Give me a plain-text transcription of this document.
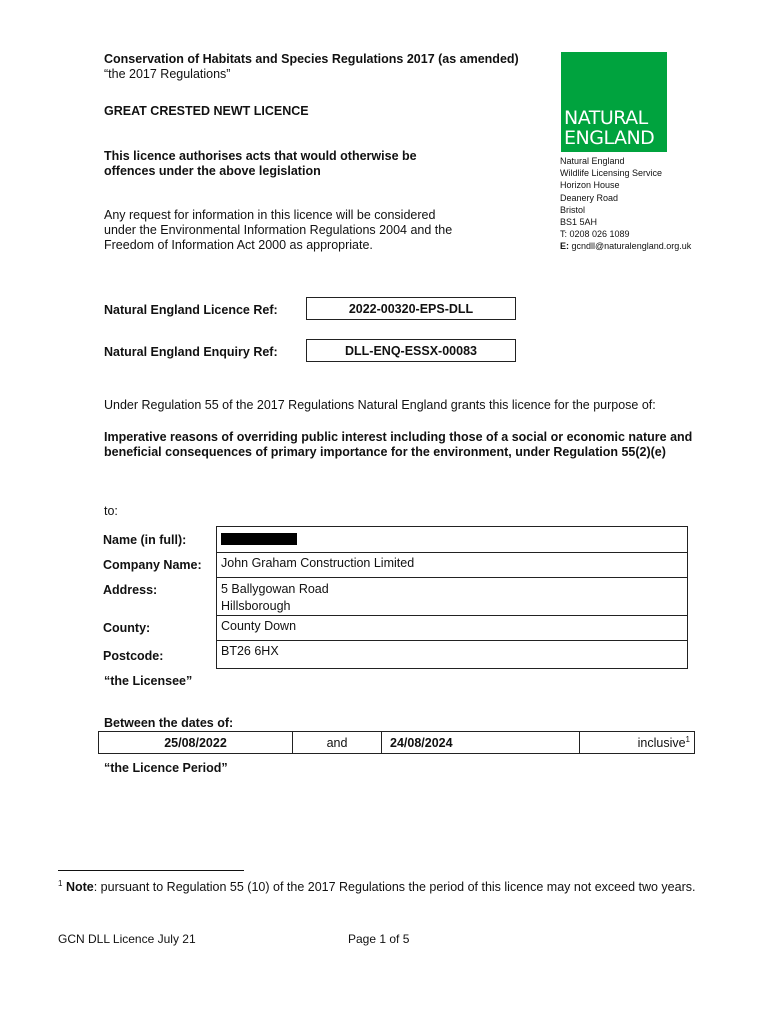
Conservation of Habitats and Species Regulations 2017 (as amended) “the 2017 Regulations”
GREAT CRESTED NEWT LICENCE
This licence authorises acts that would otherwise be offences under the above legislation
Any request for information in this licence will be considered under the Environmental Information Regulations 2004 and the Freedom of Information Act 2000 as appropriate.
NATURAL
ENGLAND
Natural England
Wildlife Licensing Service
Horizon House
Deanery Road
Bristol
BS1 5AH
T: 0208 026 1089
E: gcndll@naturalengland.org.uk
Natural England Licence Ref:	2022-00320-EPS-DLL
Natural England Enquiry Ref:	DLL-ENQ-ESSX-00083
Under Regulation 55 of the 2017 Regulations Natural England grants this licence for the purpose of:
Imperative reasons of overriding public interest including those of a social or economic nature and beneficial consequences of primary importance for the environment, under Regulation 55(2)(e)
to:
Name (in full):	
Company Name:	John Graham Construction Limited
Address:	5 Ballygowan Road
Hillsborough

County:	County Down
Postcode:	BT26 6HX
“the Licensee”
Between the dates of:
25/08/2022	and	24/08/2024	inclusive$^1$
“the Licence Period”
$^1$ Note: pursuant to Regulation 55 (10) of the 2017 Regulations the period of this licence may not exceed two years.
GCN DLL Licence July 21	Page 1 of 5
